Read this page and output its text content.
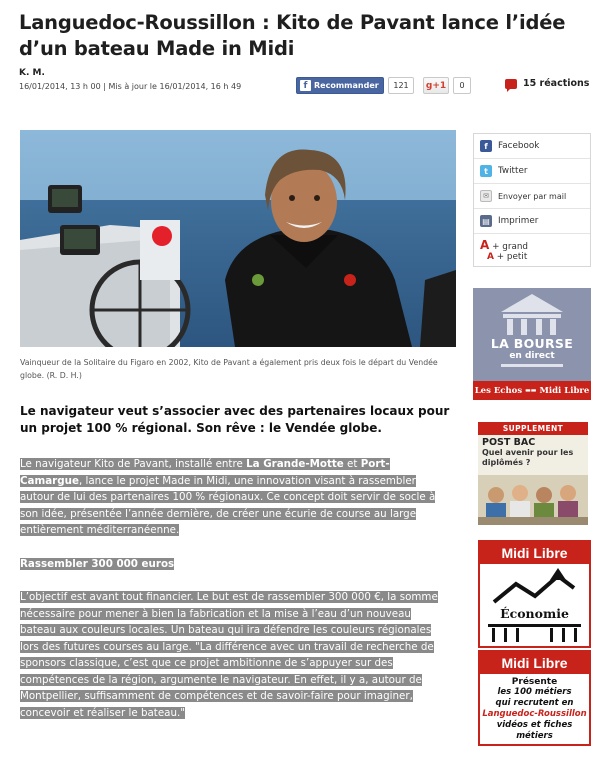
Languedoc-Roussillon : Kito de Pavant lance l’idée d’un bateau Made in Midi
K. M.
16/01/2014, 13 h 00 | Mis à jour le 16/01/2014, 16 h 49	f Recommander	121	g+1	0	15 réactions
Vainqueur de la Solitaire du Figaro en 2002, Kito de Pavant a également pris deux fois le départ du Vendée globe. (R. D. H.)
Le navigateur veut s’associer avec des partenaires locaux pour un projet 100 % régional. Son rêve : le Vendée globe.

Le navigateur Kito de Pavant, installé entre La Grande-Motte et Port-Camargue, lance le projet Made in Midi, une innovation visant à rassembler autour de lui des partenaires 100 % régionaux. Ce concept doit servir de socle à son idée, présentée l’année dernière, de créer une écurie de course au large entièrement méditerranéenne.

Rassembler 300 000 euros

L’objectif est avant tout financier. Le but est de rassembler 300 000 €, la somme nécessaire pour mener à bien la fabrication et la mise à l’eau d’un nouveau bateau aux couleurs locales. Un bateau qui ira défendre les couleurs régionales lors des futures courses au large. "La différence avec un travail de recherche de sponsors classique, c’est que ce projet ambitionne de s’appuyer sur des compétences de la région, argumente le navigateur. En effet, il y a, autour de Montpellier, suffisamment de compétences et de savoir-faire pour imaginer, concevoir et réaliser le bateau."

f	Facebook
t	Twitter
✉	Envoyer par mail
▤ Imprimer
A + grand
A + petit
LA BOURSE
en direct
Les Echos ▬▬ Midi Libre
SUPPLEMENT
POST BAC
Quel avenir pour les diplômés ?
Midi Libre
Économie
Midi Libre
Présente
les 100 métiers
qui recrutent en
Languedoc-Roussillon
vidéos et fiches métiers
